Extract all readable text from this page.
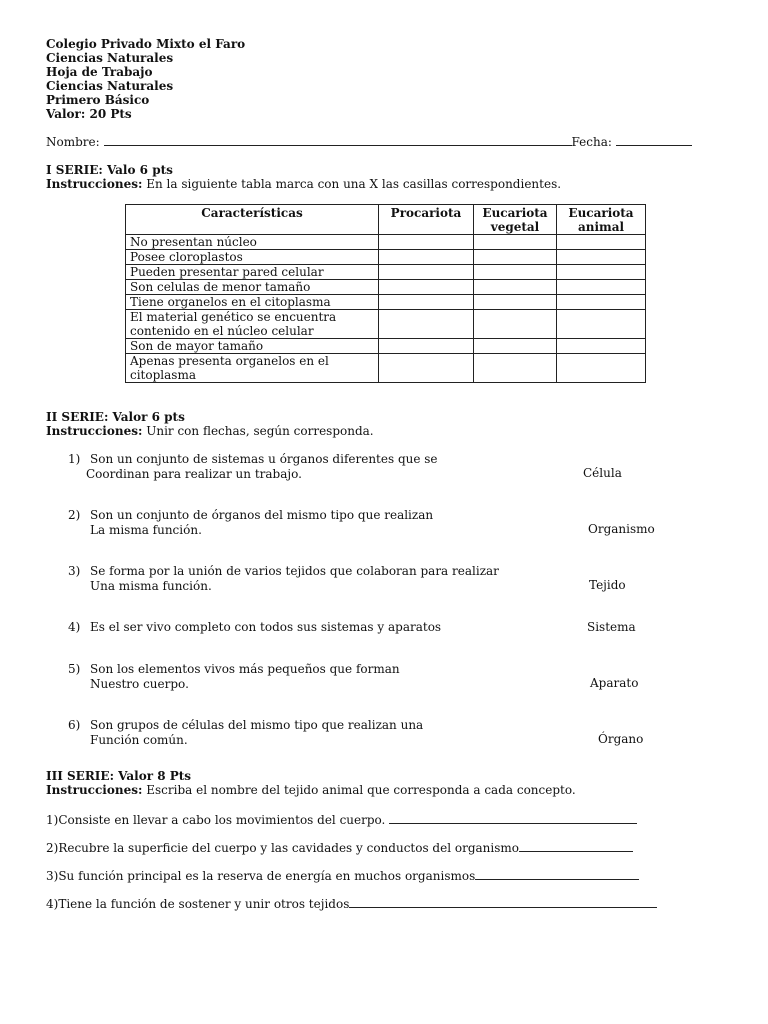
Colegio Privado Mixto el Faro
Ciencias Naturales
Hoja de Trabajo
Ciencias Naturales
Primero Básico
Valor: 20 Pts
Nombre:	Fecha:
I SERIE: Valo 6 pts
Instrucciones: En la siguiente tabla marca con una X las casillas correspondientes.
Características	Procariota	Eucariota vegetal	Eucariota animal
No presentan núcleo			
Posee cloroplastos			
Pueden presentar pared celular			
Son celulas de menor tamaño			
Tiene organelos en el citoplasma			

El material genético se encuentra
contenido en el núcleo celular			

Son de mayor tamaño			

Apenas presenta organelos en el
citoplasma			

II SERIE: Valor 6 pts
Instrucciones: Unir con flechas, según corresponda.
1) Son un conjunto de sistemas u órganos diferentes que se
Coordinan para realizar un trabajo.	Célula
2) Son un conjunto de órganos del mismo tipo que realizan
La misma función.	Organismo
3) Se forma por la unión de varios tejidos que colaboran para realizar
Una misma función.	Tejido
4) Es el ser vivo completo con todos sus sistemas y aparatos	Sistema
5) Son los elementos vivos más pequeños que forman
Nuestro cuerpo.	Aparato
6) Son grupos de células del mismo tipo que realizan una
Función común.	Órgano
III SERIE: Valor 8 Pts
Instrucciones: Escriba el nombre del tejido animal que corresponda a cada concepto.
1)Consiste en llevar a cabo los movimientos del cuerpo.
2)Recubre la superficie del cuerpo y las cavidades y conductos del organismo
3)Su función principal es la reserva de energía en muchos organismos
4)Tiene la función de sostener y unir otros tejidos
